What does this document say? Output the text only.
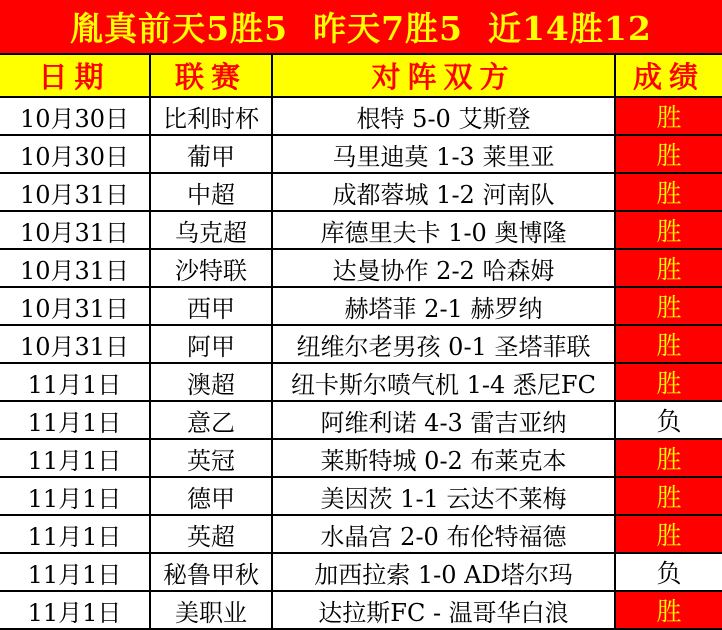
胤真前天5胜5  昨天7胜5  近14胜12
日期	联赛	对阵双方	成绩
10月30日	比利时杯	根特 5-0 艾斯登	胜
10月30日	葡甲	马里迪莫 1-3 莱里亚	胜
10月31日	中超	成都蓉城 1-2 河南队	胜
10月31日	乌克超	库德里夫卡 1-0 奥博隆	胜
10月31日	沙特联	达曼协作 2-2 哈森姆	胜
10月31日	西甲	赫塔菲 2-1 赫罗纳	胜
10月31日	阿甲	纽维尔老男孩 0-1 圣塔菲联	胜
11月1日	澳超	纽卡斯尔喷气机 1-4 悉尼FC	胜
11月1日	意乙	阿维利诺 4-3 雷吉亚纳	负
11月1日	英冠	莱斯特城 0-2 布莱克本	胜
11月1日	德甲	美因茨 1-1 云达不莱梅	胜
11月1日	英超	水晶宫 2-0 布伦特福德	胜
11月1日	秘鲁甲秋	加西拉索 1-0 AD塔尔玛	负
11月1日	美职业	达拉斯FC - 温哥华白浪	胜
